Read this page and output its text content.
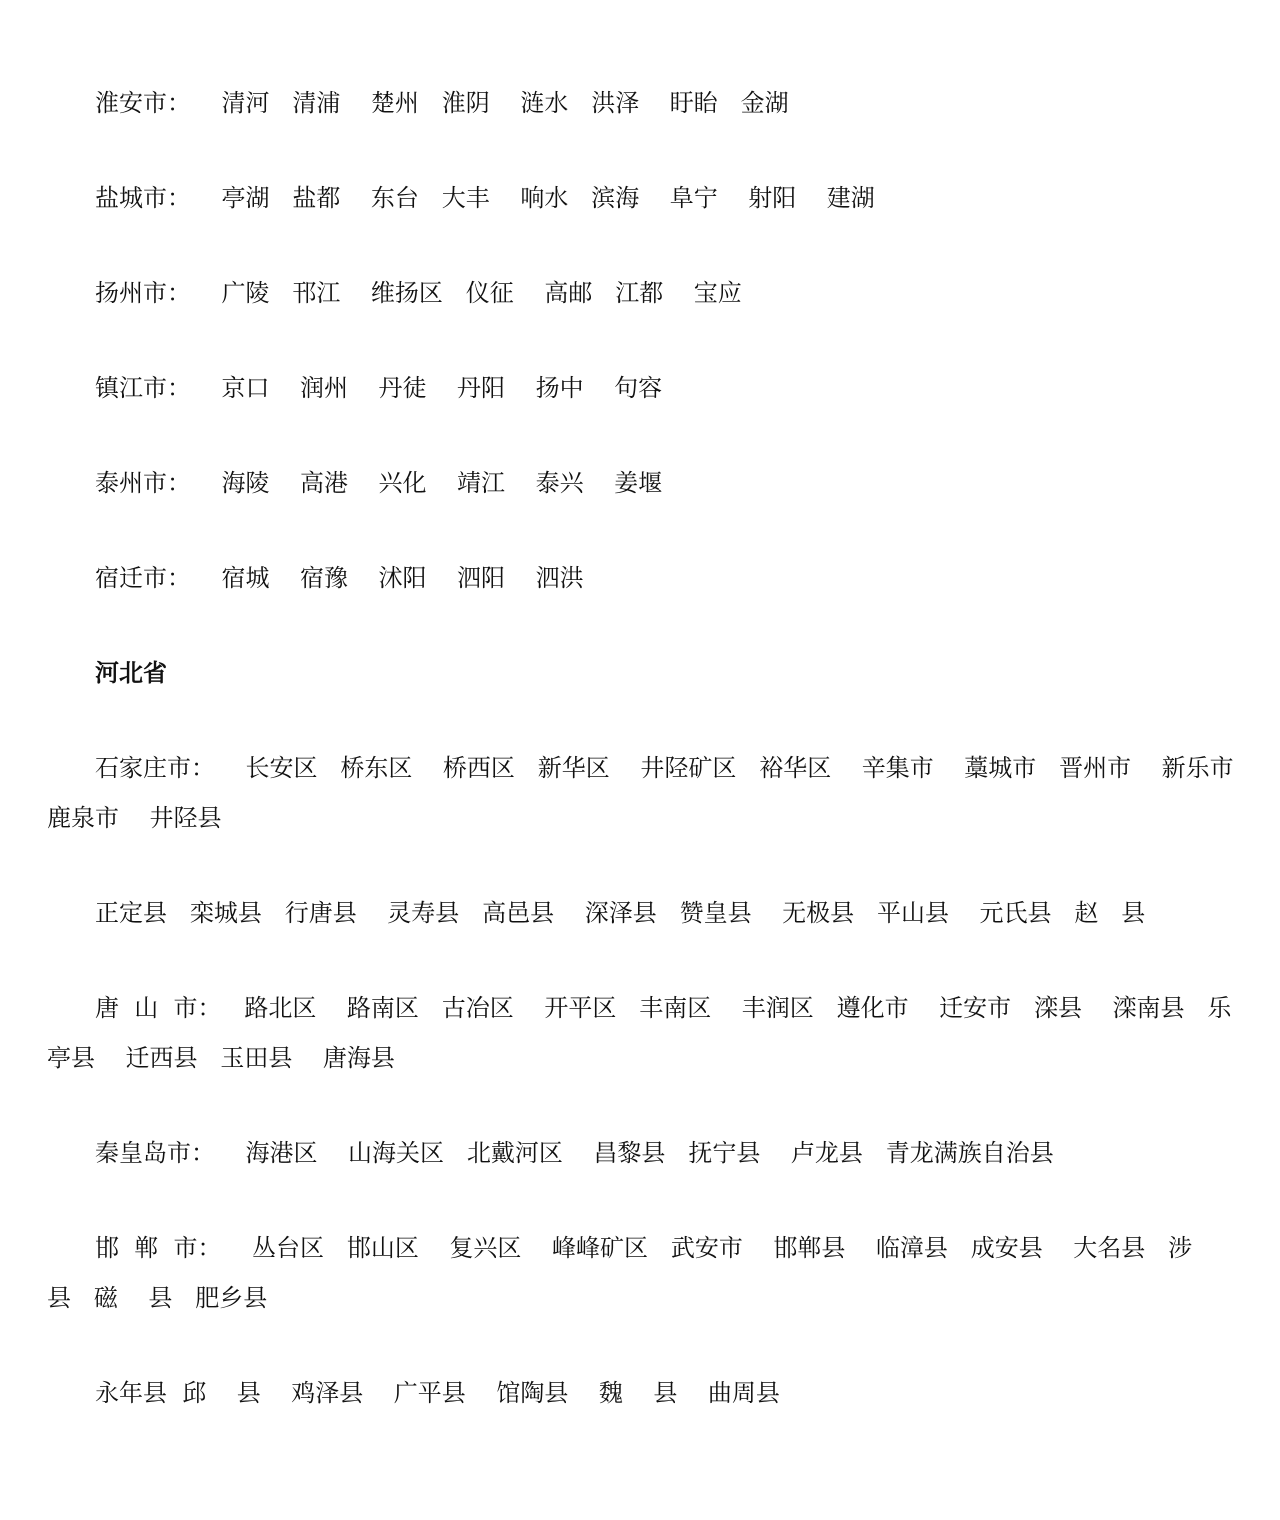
淮安市：    清河   清浦    楚州   淮阴    涟水   洪泽    盱眙   金湖

盐城市：    亭湖   盐都    东台   大丰    响水   滨海    阜宁    射阳    建湖

扬州市：    广陵   邗江    维扬区   仪征    高邮   江都    宝应

镇江市：    京口    润州    丹徒    丹阳    扬中    句容

泰州市：    海陵    高港    兴化    靖江    泰兴    姜堰

宿迁市：    宿城    宿豫    沭阳    泗阳    泗洪

河北省

石家庄市：    长安区   桥东区    桥西区   新华区    井陉矿区   裕华区    辛集市    藁城市   晋州市    新乐市   鹿泉市    井陉县

正定县   栾城县   行唐县    灵寿县   高邑县    深泽县   赞皇县    无极县   平山县    元氏县   赵   县

唐  山  市：   路北区    路南区   古冶区    开平区   丰南区    丰润区   遵化市    迁安市   滦县    滦南县   乐亭县    迁西县   玉田县    唐海县

秦皇岛市：    海港区    山海关区   北戴河区    昌黎县   抚宁县    卢龙县   青龙满族自治县

邯  郸  市：    丛台区   邯山区    复兴区    峰峰矿区   武安市    邯郸县    临漳县   成安县    大名县   涉    县   磁    县   肥乡县

永年县  邱    县    鸡泽县    广平县    馆陶县    魏    县    曲周县
